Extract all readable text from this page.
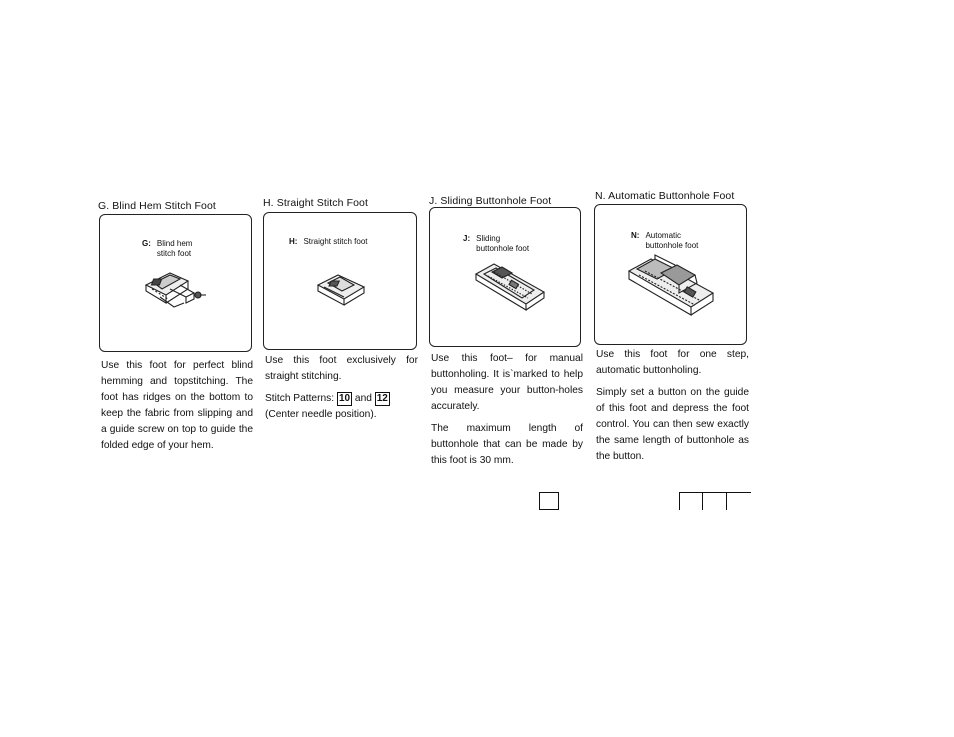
G. Blind Hem Stitch Foot

G: Blind hem
stitch foot

Use this foot for perfect blind hemming and topstitching. The foot has ridges on the bottom to keep the fabric from slipping and a guide screw on top to guide the folded edge of your hem.

H. Straight Stitch Foot

H: Straight stitch foot

Use this foot exclusively for straight stitching.

Stitch Patterns: 10 and 12
(Center needle position).

J. Sliding Buttonhole Foot

J: Sliding
buttonhole foot

Use this foot– for manual buttonholing. It is`marked to help you measure your button-holes accurately.

The maximum length of buttonhole that can be made by this foot is 30 mm.

N. Automatic Buttonhole Foot

N: Automatic
buttonhole foot

Use this foot for one step, automatic buttonholing.

Simply set a button on the guide of this foot and depress the foot control. You can then sew exactly the same length of buttonhole as the button.
